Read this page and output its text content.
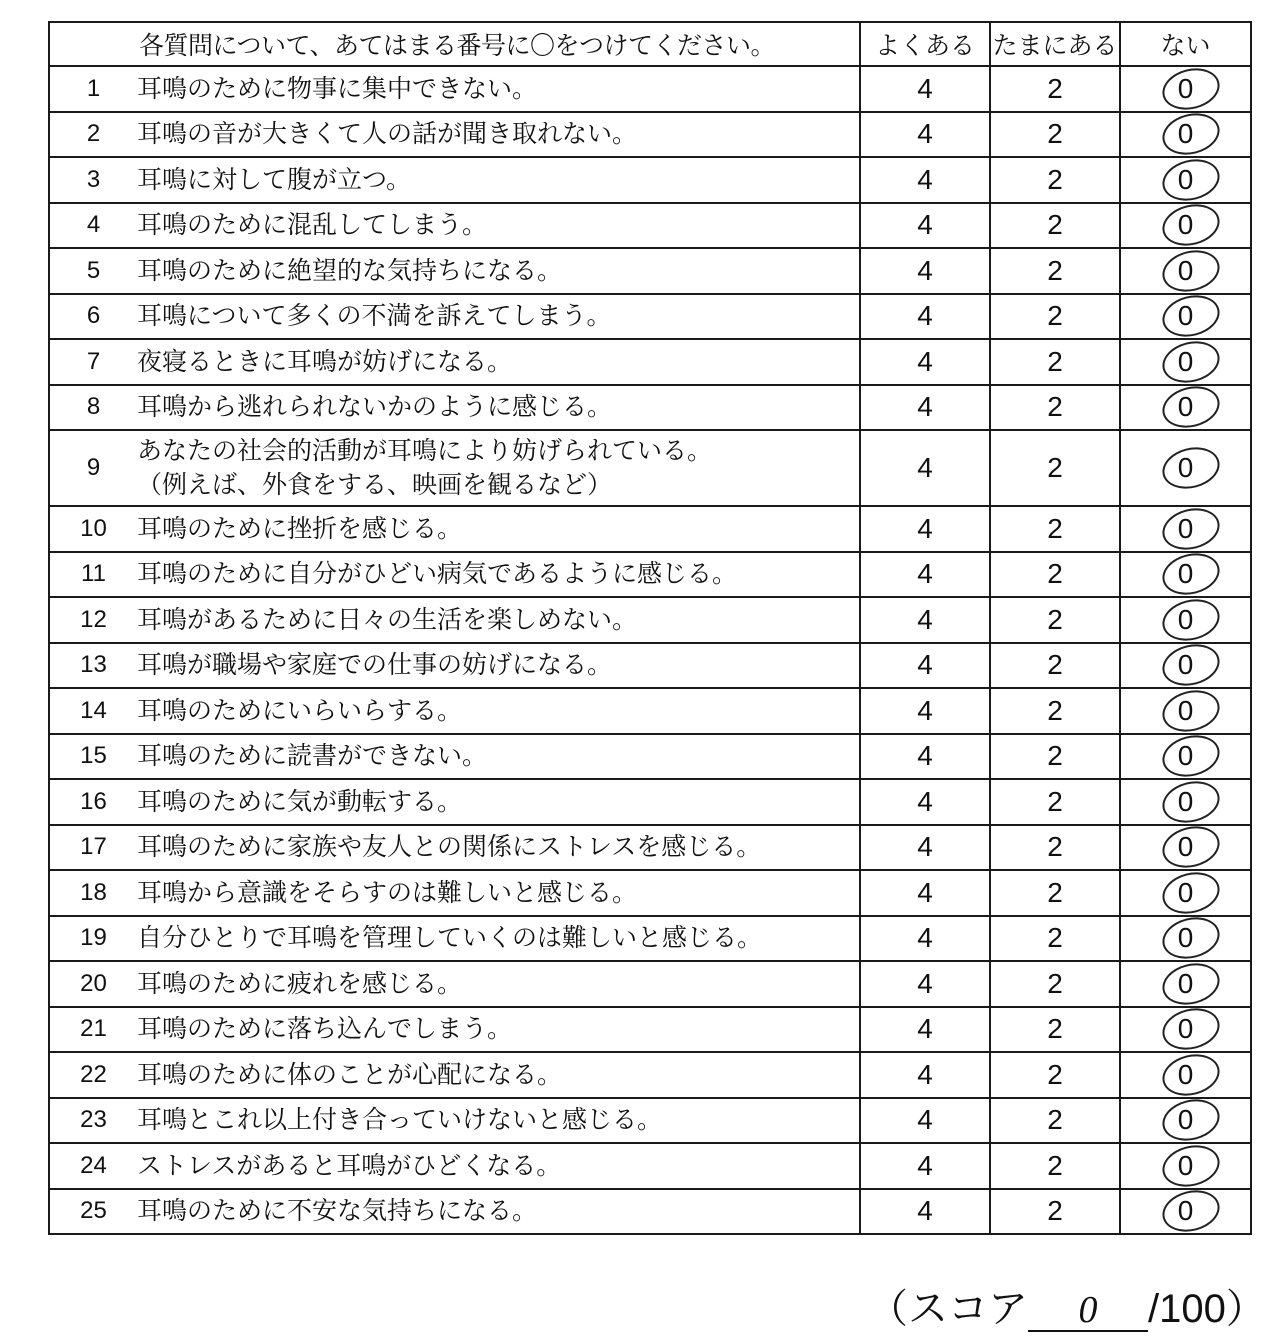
	各質問について、あてはまる番号に〇をつけてください。	よくある	たまにある	ない
1	耳鳴のために物事に集中できない。	4	2	0

2	耳鳴の音が大きくて人の話が聞き取れない。	4	2	0

3	耳鳴に対して腹が立つ。	4	2	0

4	耳鳴のために混乱してしまう。	4	2	0

5	耳鳴のために絶望的な気持ちになる。	4	2	0

6	耳鳴について多くの不満を訴えてしまう。	4	2	0

7	夜寝るときに耳鳴が妨げになる。	4	2	0

8	耳鳴から逃れられないかのように感じる。	4	2	0

9	あなたの社会的活動が耳鳴により妨げられている。
（例えば、外食をする、映画を観るなど）	4	2	0

10	耳鳴のために挫折を感じる。	4	2	0

11	耳鳴のために自分がひどい病気であるように感じる。	4	2	0

12	耳鳴があるために日々の生活を楽しめない。	4	2	0

13	耳鳴が職場や家庭での仕事の妨げになる。	4	2	0

14	耳鳴のためにいらいらする。	4	2	0

15	耳鳴のために読書ができない。	4	2	0

16	耳鳴のために気が動転する。	4	2	0

17	耳鳴のために家族や友人との関係にストレスを感じる。	4	2	0

18	耳鳴から意識をそらすのは難しいと感じる。	4	2	0

19	自分ひとりで耳鳴を管理していくのは難しいと感じる。	4	2	0

20	耳鳴のために疲れを感じる。	4	2	0

21	耳鳴のために落ち込んでしまう。	4	2	0

22	耳鳴のために体のことが心配になる。	4	2	0

23	耳鳴とこれ以上付き合っていけないと感じる。	4	2	0

24	ストレスがあると耳鳴がひどくなる。	4	2	0

25	耳鳴のために不安な気持ちになる。	4	2	0
（スコア 0 /100）
